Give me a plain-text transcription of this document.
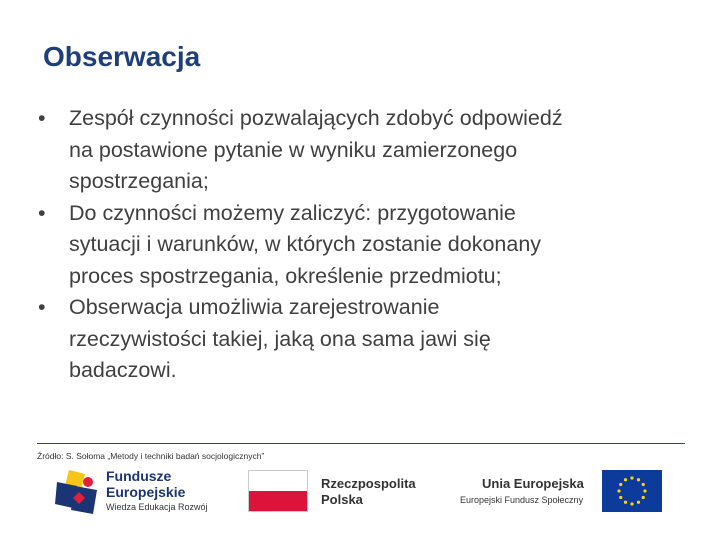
Obserwacja
• Zespół czynności pozwalających zdobyć odpowiedź
na postawione pytanie w wyniku zamierzonego
spostrzegania;
• Do czynności możemy zaliczyć: przygotowanie
sytuacji i warunków, w których zostanie dokonany
proces spostrzegania, określenie przedmiotu;
• Obserwacja umożliwia zarejestrowanie
rzeczywistości takiej, jaką ona sama jawi się
badaczowi.
Źródło: S. Sołoma „Metody i techniki badań socjologicznych”
Fundusze
Europejskie
Wiedza Edukacja Rozwój
Rzeczpospolita
Polska
Unia Europejska
Europejski Fundusz Społeczny
